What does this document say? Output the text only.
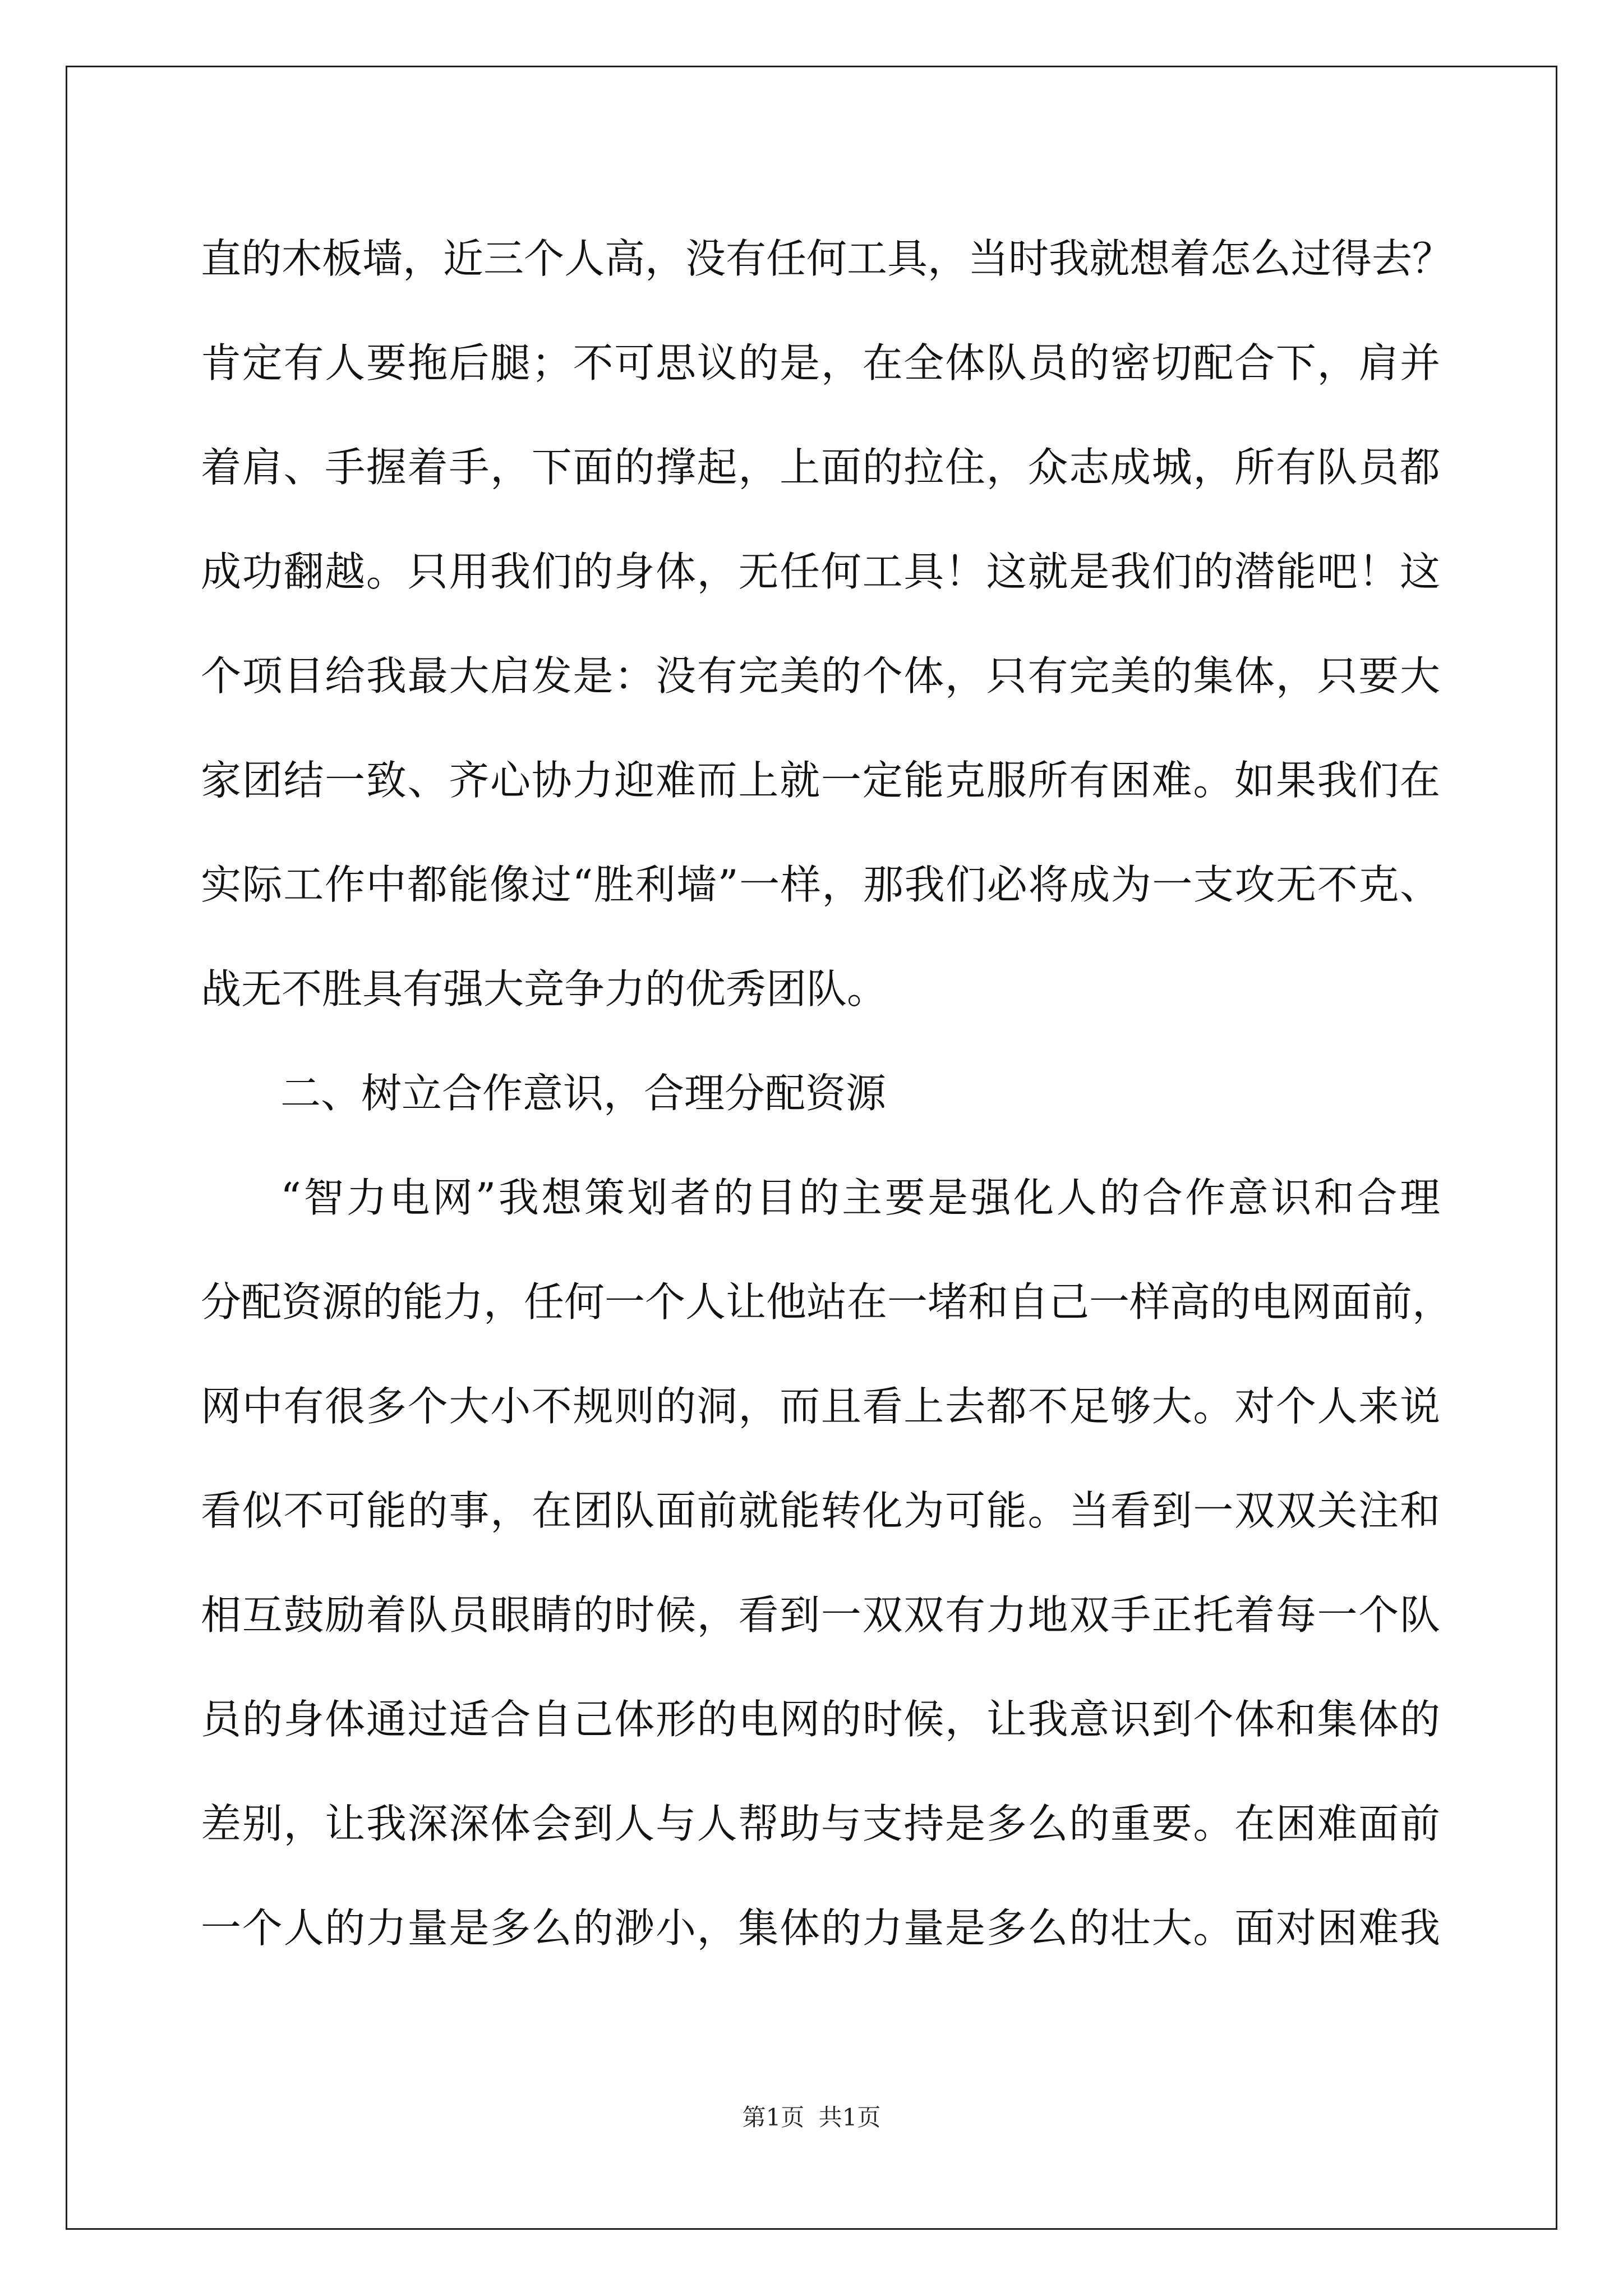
直的木板墙，近三个人高，没有任何工具，当时我就想着怎么过得去？
肯定有人要拖后腿；不可思议的是，在全体队员的密切配合下，肩并
着肩、手握着手，下面的撑起，上面的拉住，众志成城，所有队员都
成功翻越。只用我们的身体，无任何工具！这就是我们的潜能吧！这
个项目给我最大启发是：没有完美的个体，只有完美的集体，只要大
家团结一致、齐心协力迎难而上就一定能克服所有困难。如果我们在
实际工作中都能像过“胜利墙”一样，那我们必将成为一支攻无不克、
战无不胜具有强大竞争力的优秀团队。
二、树立合作意识，合理分配资源
“智力电网”我想策划者的目的主要是强化人的合作意识和合理
分配资源的能力，任何一个人让他站在一堵和自己一样高的电网面前，
网中有很多个大小不规则的洞，而且看上去都不足够大。对个人来说
看似不可能的事，在团队面前就能转化为可能。当看到一双双关注和
相互鼓励着队员眼睛的时候，看到一双双有力地双手正托着每一个队
员的身体通过适合自己体形的电网的时候，让我意识到个体和集体的
差别，让我深深体会到人与人帮助与支持是多么的重要。在困难面前
一个人的力量是多么的渺小，集体的力量是多么的壮大。面对困难我
第1页 共1页
